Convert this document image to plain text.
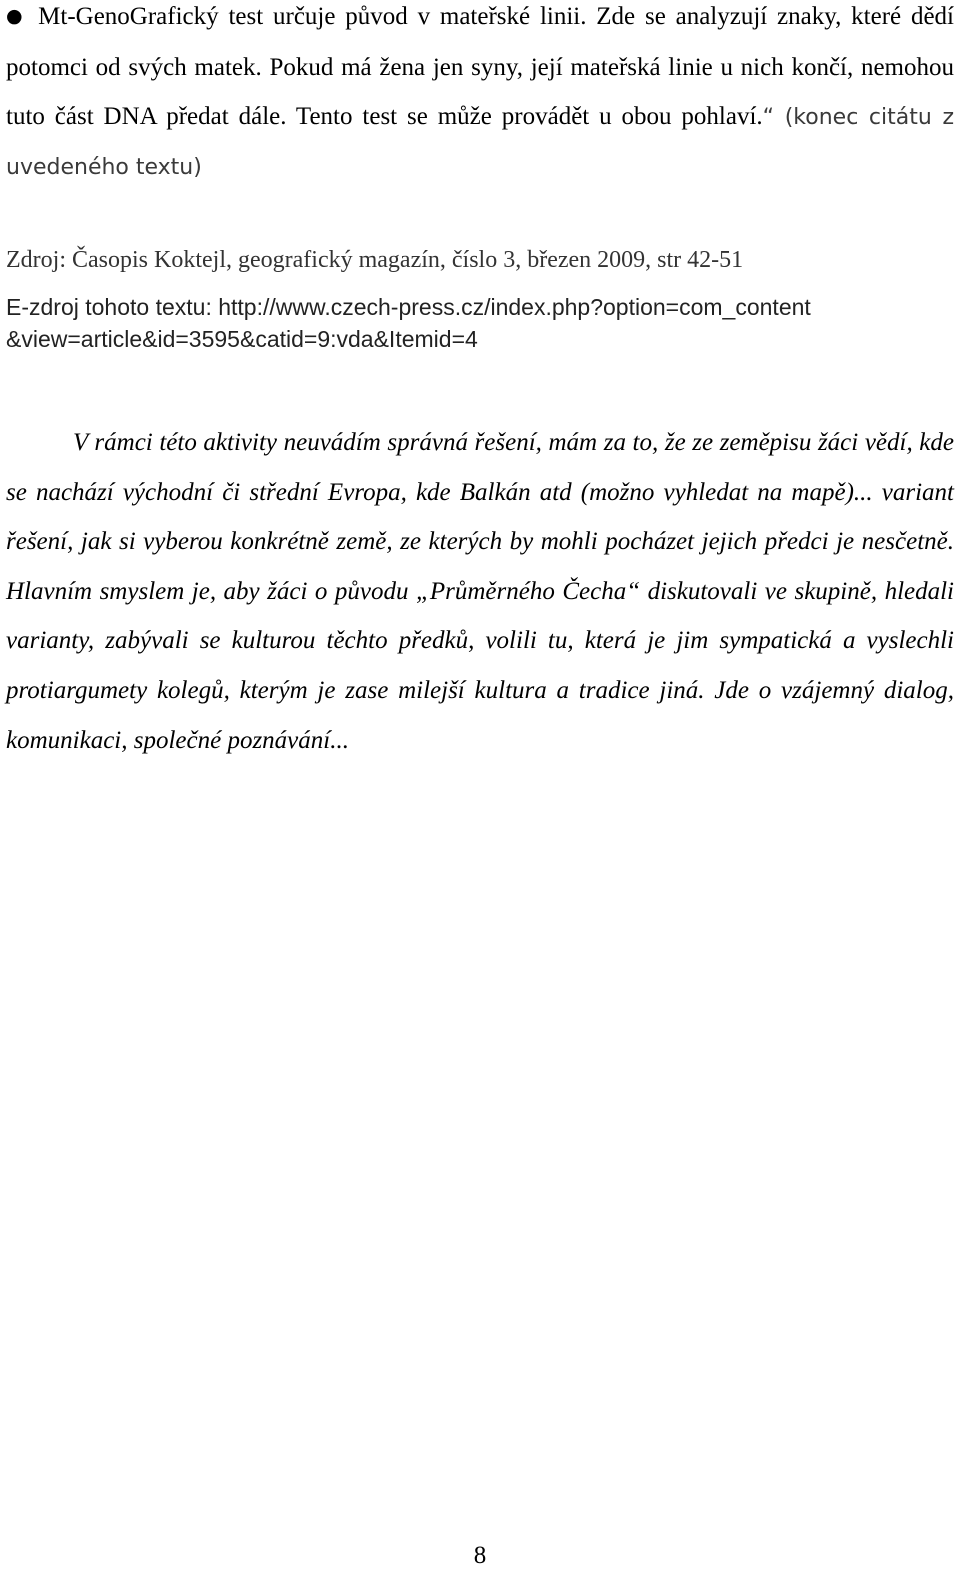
● Mt-GenoGrafický test určuje původ v mateřské linii. Zde se analyzují znaky, které dědí potomci od svých matek. Pokud má žena jen syny, její mateřská linie u nich končí, nemohou tuto část DNA předat dále. Tento test se může provádět u obou pohlaví.“ (konec citátu z uvedeného textu)

Zdroj: Časopis Koktejl, geografický magazín, číslo 3, březen 2009, str 42-51

E-zdroj tohoto textu: http://www.czech-press.cz/index.php?option=com_content
&view=article&id=3595&catid=9:vda&Itemid=4

V rámci této aktivity neuvádím správná řešení, mám za to, že ze zeměpisu žáci vědí, kde se nachází východní či střední Evropa, kde Balkán atd (možno vyhledat na mapě)... variant řešení, jak si vyberou konkrétně země, ze kterých by mohli pocházet jejich předci je nesčetně. Hlavním smyslem je, aby žáci o původu „Průměrného Čecha“ diskutovali ve skupině, hledali varianty, zabývali se kulturou těchto předků, volili tu, která je jim sympatická a vyslechli protiargumety kolegů, kterým je zase milejší kultura a tradice jiná. Jde o vzájemný dialog, komunikaci, společné poznávání...

8
